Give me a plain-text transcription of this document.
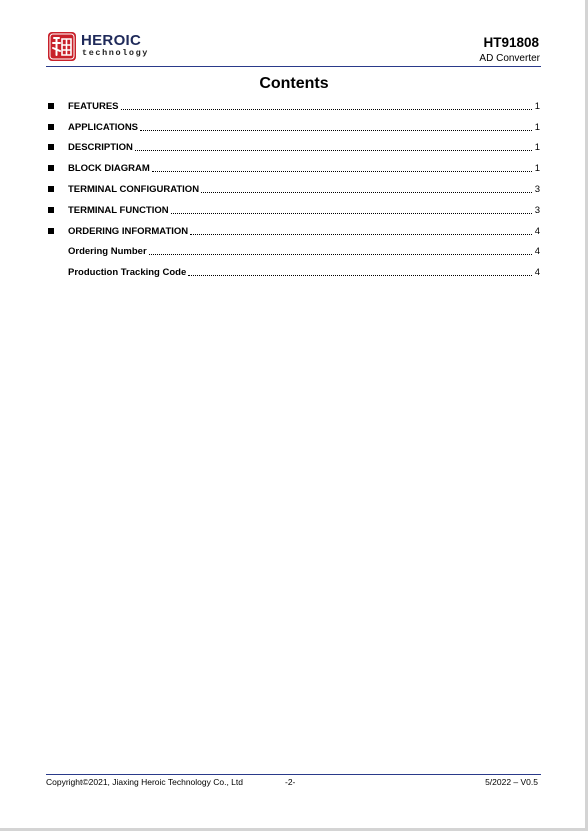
HEROIC
technology
HT91808
AD Converter
Contents
FEATURES	1
APPLICATIONS	1
DESCRIPTION	1
BLOCK DIAGRAM	1
TERMINAL CONFIGURATION	3
TERMINAL FUNCTION	3
ORDERING INFORMATION	4
Ordering Number	4
Production Tracking Code	4
Copyright©2021, Jiaxing Heroic Technology Co., Ltd	-2-	5/2022 – V0.5
